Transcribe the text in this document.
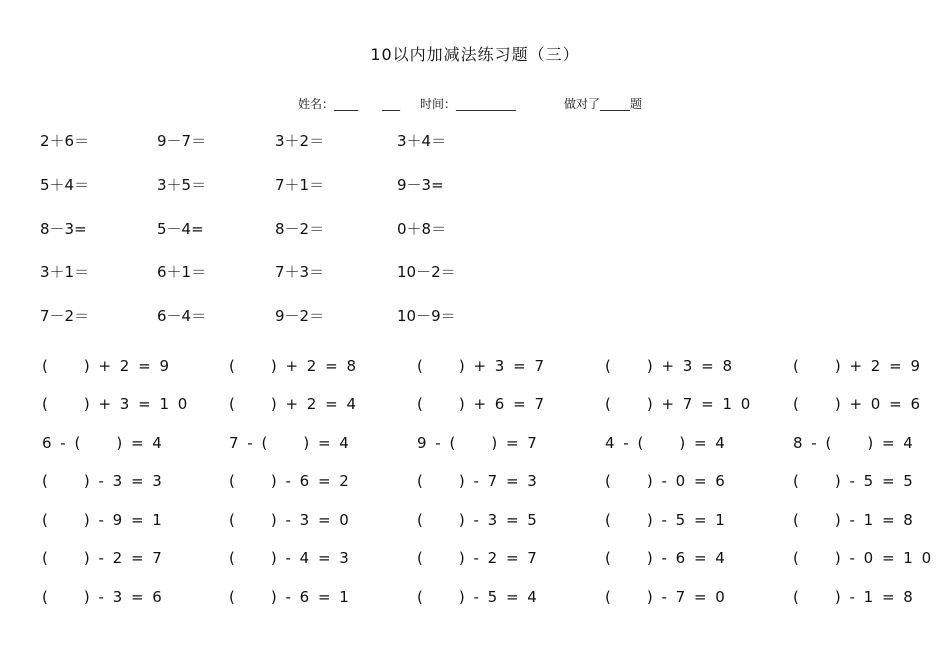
10以内加减法练习题（三）
姓名：____　　___ 时间：__________	做对了_____题
2＋6＝	9－7＝	3＋2＝	3＋4＝
5＋4＝	3＋5＝	7＋1＝	9－3=
8－3=	5－4=	8－2＝	0＋8＝
3＋1＝	6＋1＝	7＋3＝	10－2＝
7－2＝	6－4＝	9－2＝	10－9＝
(　　) + 2 = 9	(　　) + 2 = 8	(　　) + 3 = 7	(　　) + 3 = 8	(　　) + 2 = 9
(　　) + 3 = 1 0	(　　) + 2 = 4	(　　) + 6 = 7	(　　) + 7 = 1 0	(　　) + 0 = 6
6 - (　　) = 4	7 - (　　) = 4	9 - (　　) = 7	4 - (　　) = 4	8 - (　　) = 4
(　　) - 3 = 3	(　　) - 6 = 2	(　　) - 7 = 3	(　　) - 0 = 6	(　　) - 5 = 5
(　　) - 9 = 1	(　　) - 3 = 0	(　　) - 3 = 5	(　　) - 5 = 1	(　　) - 1 = 8
(　　) - 2 = 7	(　　) - 4 = 3	(　　) - 2 = 7	(　　) - 6 = 4	(　　) - 0 = 1 0
(　　) - 3 = 6	(　　) - 6 = 1	(　　) - 5 = 4	(　　) - 7 = 0	(　　) - 1 = 8
